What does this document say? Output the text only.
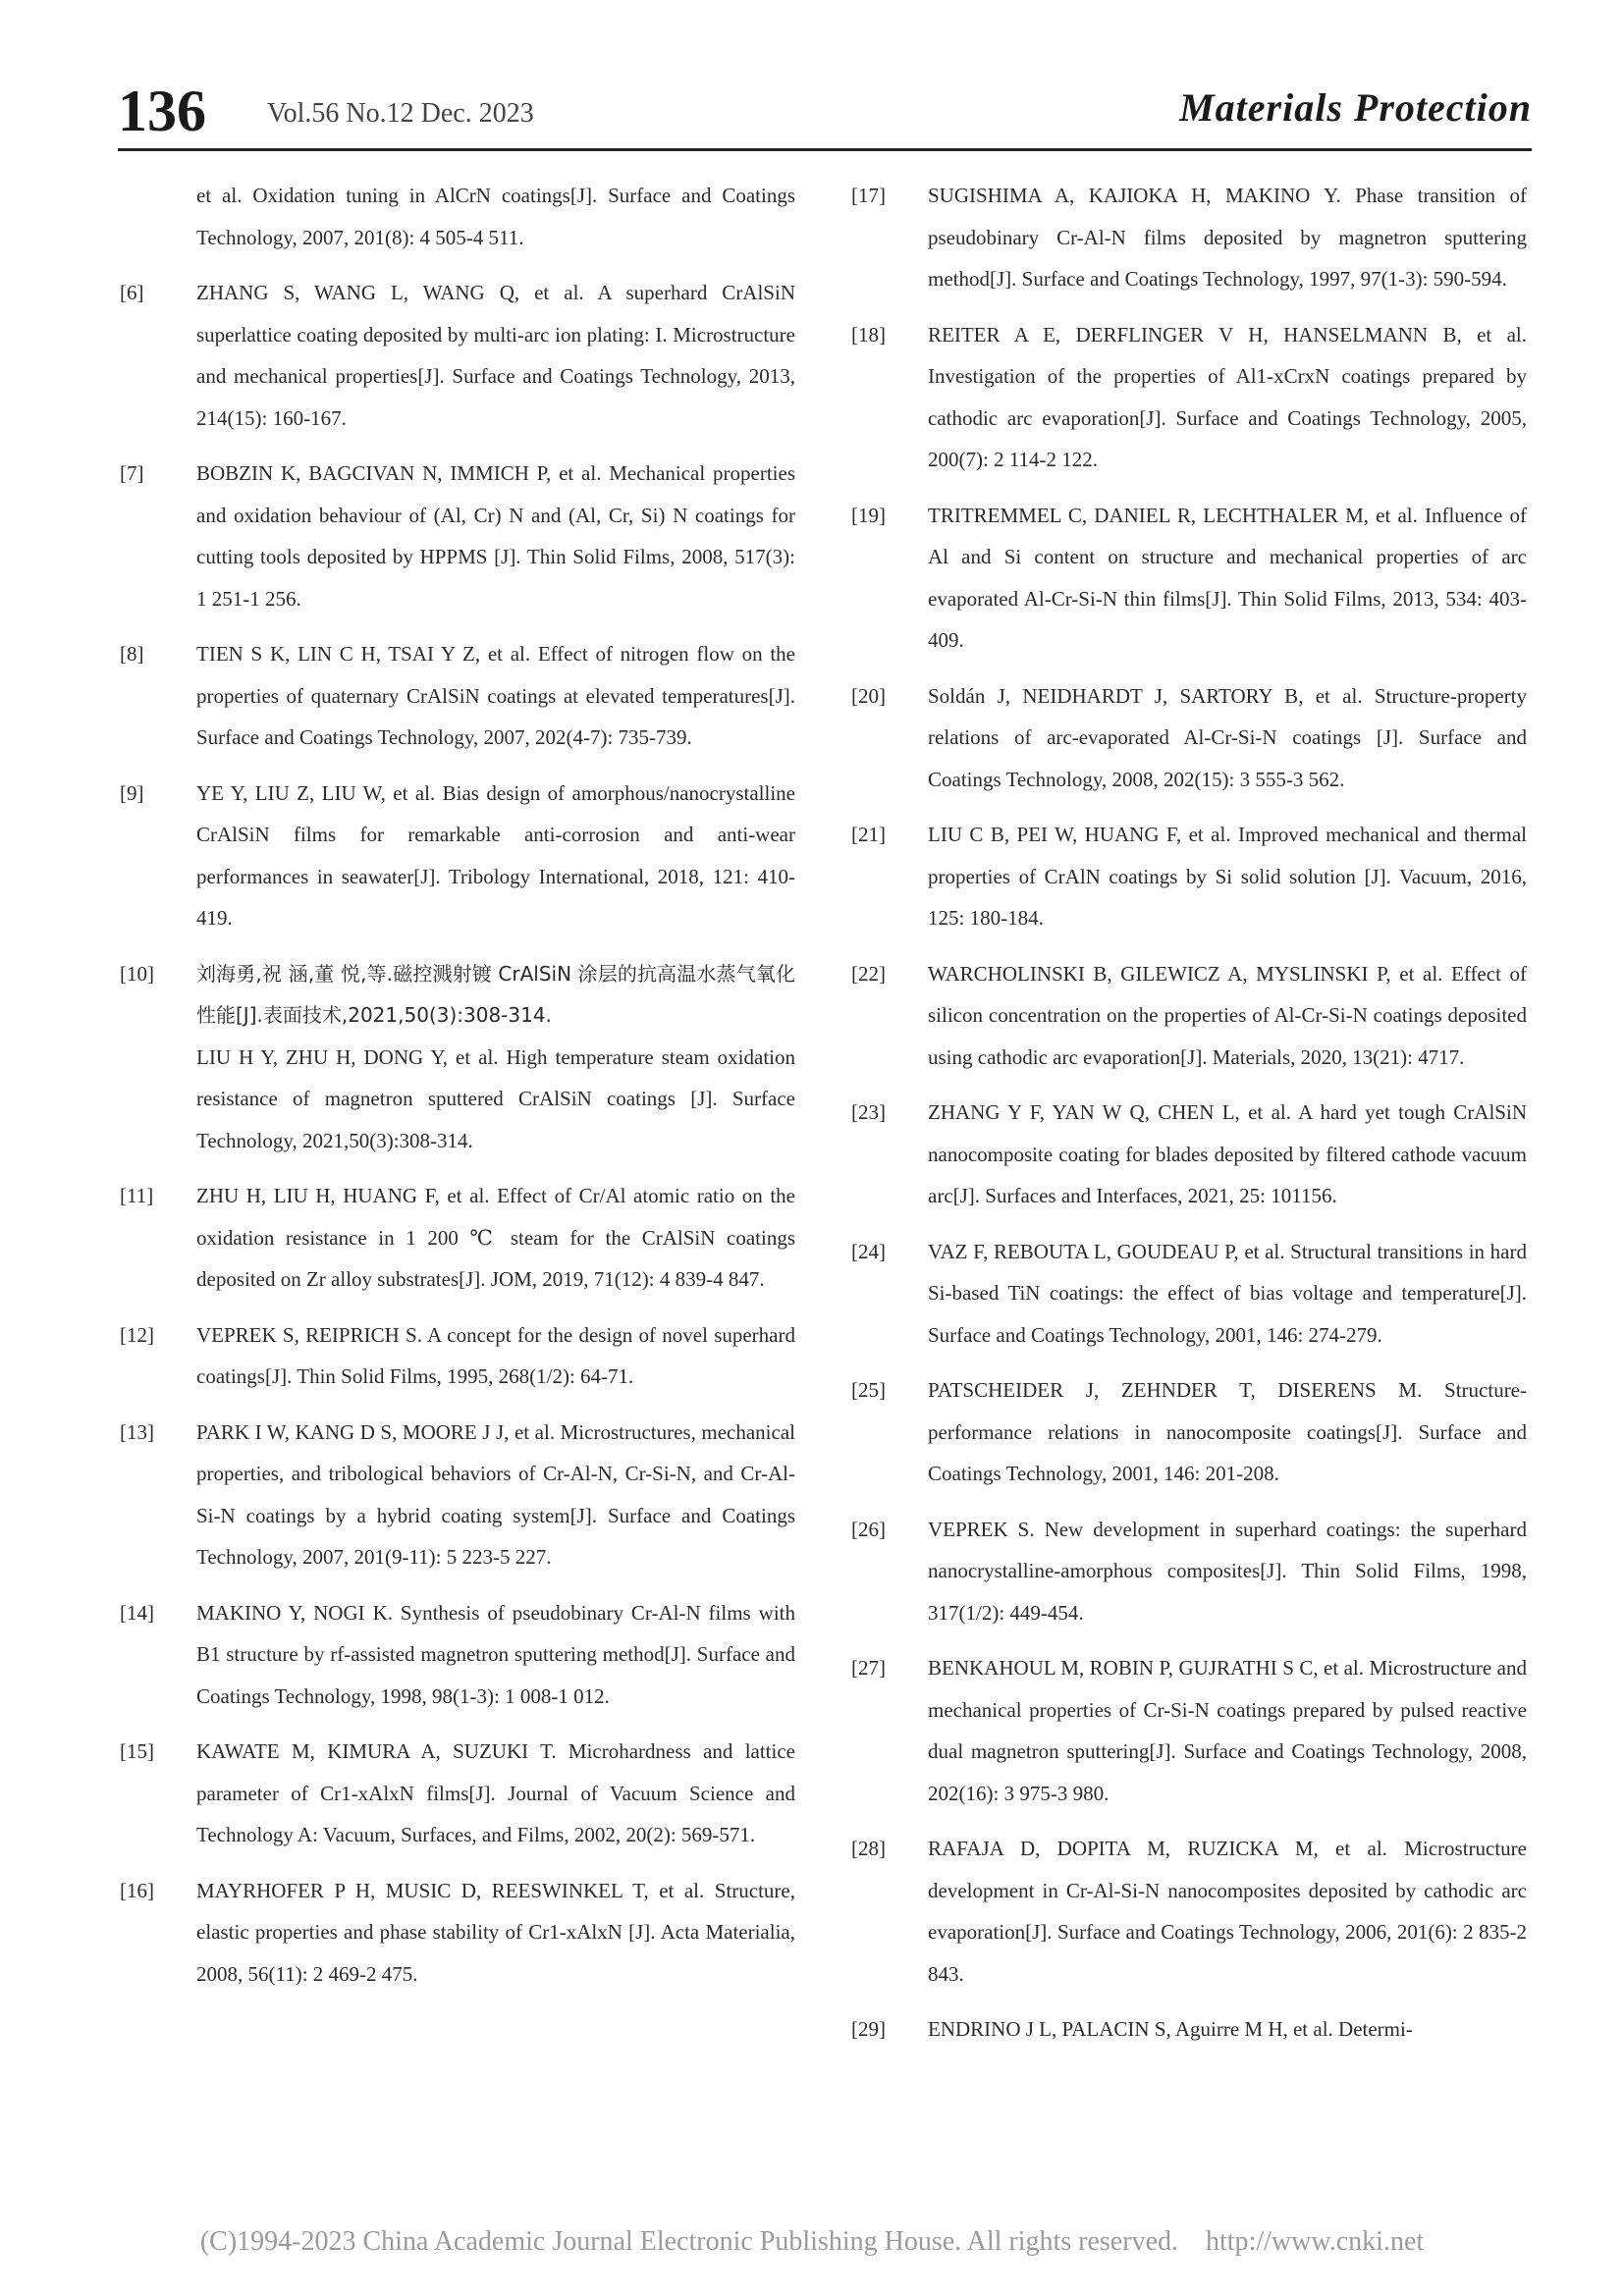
136 Vol.56 No.12 Dec. 2023	Materials Protection
et al. Oxidation tuning in AlCrN coatings[J]. Surface and Coatings Technology, 2007, 201(8): 4 505-4 511.
[6]	ZHANG S, WANG L, WANG Q, et al. A superhard CrAlSiN superlattice coating deposited by multi-arc ion plating: I. Microstructure and mechanical properties[J]. Surface and Coatings Technology, 2013, 214(15): 160-167.
[7]	BOBZIN K, BAGCIVAN N, IMMICH P, et al. Mechanical properties and oxidation behaviour of (Al, Cr) N and (Al, Cr, Si) N coatings for cutting tools deposited by HPPMS [J]. Thin Solid Films, 2008, 517(3): 1 251-1 256.
[8]	TIEN S K, LIN C H, TSAI Y Z, et al. Effect of nitrogen flow on the properties of quaternary CrAlSiN coatings at elevated temperatures[J]. Surface and Coatings Technology, 2007, 202(4-7): 735-739.
[9]	YE Y, LIU Z, LIU W, et al. Bias design of amorphous/nanocrystalline CrAlSiN films for remarkable anti-corrosion and anti-wear performances in seawater[J]. Tribology International, 2018, 121: 410-419.
[10] 刘海勇,祝 涵,董 悦,等.磁控溅射镀 CrAlSiN 涂层的抗高温水蒸气氧化性能[J].表面技术,2021,50(3):308-314.
LIU H Y, ZHU H, DONG Y, et al. High temperature steam oxidation resistance of magnetron sputtered CrAlSiN coatings [J]. Surface Technology, 2021,50(3):308-314.
[11] ZHU H, LIU H, HUANG F, et al. Effect of Cr/Al atomic ratio on the oxidation resistance in 1 200 ℃ steam for the CrAlSiN coatings deposited on Zr alloy substrates[J]. JOM, 2019, 71(12): 4 839-4 847.
[12] VEPREK S, REIPRICH S. A concept for the design of novel superhard coatings[J]. Thin Solid Films, 1995, 268(1/2): 64-71.
[13] PARK I W, KANG D S, MOORE J J, et al. Microstructures, mechanical properties, and tribological behaviors of Cr-Al-N, Cr-Si-N, and Cr-Al-Si-N coatings by a hybrid coating system[J]. Surface and Coatings Technology, 2007, 201(9-11): 5 223-5 227.
[14] MAKINO Y, NOGI K. Synthesis of pseudobinary Cr-Al-N films with B1 structure by rf-assisted magnetron sputtering method[J]. Surface and Coatings Technology, 1998, 98(1-3): 1 008-1 012.
[15] KAWATE M, KIMURA A, SUZUKI T. Microhardness and lattice parameter of Cr1-xAlxN films[J]. Journal of Vacuum Science and Technology A: Vacuum, Surfaces, and Films, 2002, 20(2): 569-571.
[16] MAYRHOFER P H, MUSIC D, REESWINKEL T, et al. Structure, elastic properties and phase stability of Cr1-xAlxN [J]. Acta Materialia, 2008, 56(11): 2 469-2 475.
[17] SUGISHIMA A, KAJIOKA H, MAKINO Y. Phase transition of pseudobinary Cr-Al-N films deposited by magnetron sputtering method[J]. Surface and Coatings Technology, 1997, 97(1-3): 590-594.
[18] REITER A E, DERFLINGER V H, HANSELMANN B, et al. Investigation of the properties of Al1-xCrxN coatings prepared by cathodic arc evaporation[J]. Surface and Coatings Technology, 2005, 200(7): 2 114-2 122.
[19] TRITREMMEL C, DANIEL R, LECHTHALER M, et al. Influence of Al and Si content on structure and mechanical properties of arc evaporated Al-Cr-Si-N thin films[J]. Thin Solid Films, 2013, 534: 403-409.
[20] Soldán J, NEIDHARDT J, SARTORY B, et al. Structure-property relations of arc-evaporated Al-Cr-Si-N coatings [J]. Surface and Coatings Technology, 2008, 202(15): 3 555-3 562.
[21] LIU C B, PEI W, HUANG F, et al. Improved mechanical and thermal properties of CrAlN coatings by Si solid solution [J]. Vacuum, 2016, 125: 180-184.
[22] WARCHOLINSKI B, GILEWICZ A, MYSLINSKI P, et al. Effect of silicon concentration on the properties of Al-Cr-Si-N coatings deposited using cathodic arc evaporation[J]. Materials, 2020, 13(21): 4717.
[23] ZHANG Y F, YAN W Q, CHEN L, et al. A hard yet tough CrAlSiN nanocomposite coating for blades deposited by filtered cathode vacuum arc[J]. Surfaces and Interfaces, 2021, 25: 101156.
[24] VAZ F, REBOUTA L, GOUDEAU P, et al. Structural transitions in hard Si-based TiN coatings: the effect of bias voltage and temperature[J]. Surface and Coatings Technology, 2001, 146: 274-279.
[25] PATSCHEIDER J, ZEHNDER T, DISERENS M. Structure-performance relations in nanocomposite coatings[J]. Surface and Coatings Technology, 2001, 146: 201-208.
[26] VEPREK S. New development in superhard coatings: the superhard nanocrystalline-amorphous composites[J]. Thin Solid Films, 1998, 317(1/2): 449-454.
[27] BENKAHOUL M, ROBIN P, GUJRATHI S C, et al. Microstructure and mechanical properties of Cr-Si-N coatings prepared by pulsed reactive dual magnetron sputtering[J]. Surface and Coatings Technology, 2008, 202(16): 3 975-3 980.
[28] RAFAJA D, DOPITA M, RUZICKA M, et al. Microstructure development in Cr-Al-Si-N nanocomposites deposited by cathodic arc evaporation[J]. Surface and Coatings Technology, 2006, 201(6): 2 835-2 843.
[29] ENDRINO J L, PALACIN S, Aguirre M H, et al. Determi-
(C)1994-2023 China Academic Journal Electronic Publishing House. All rights reserved. http://www.cnki.net
